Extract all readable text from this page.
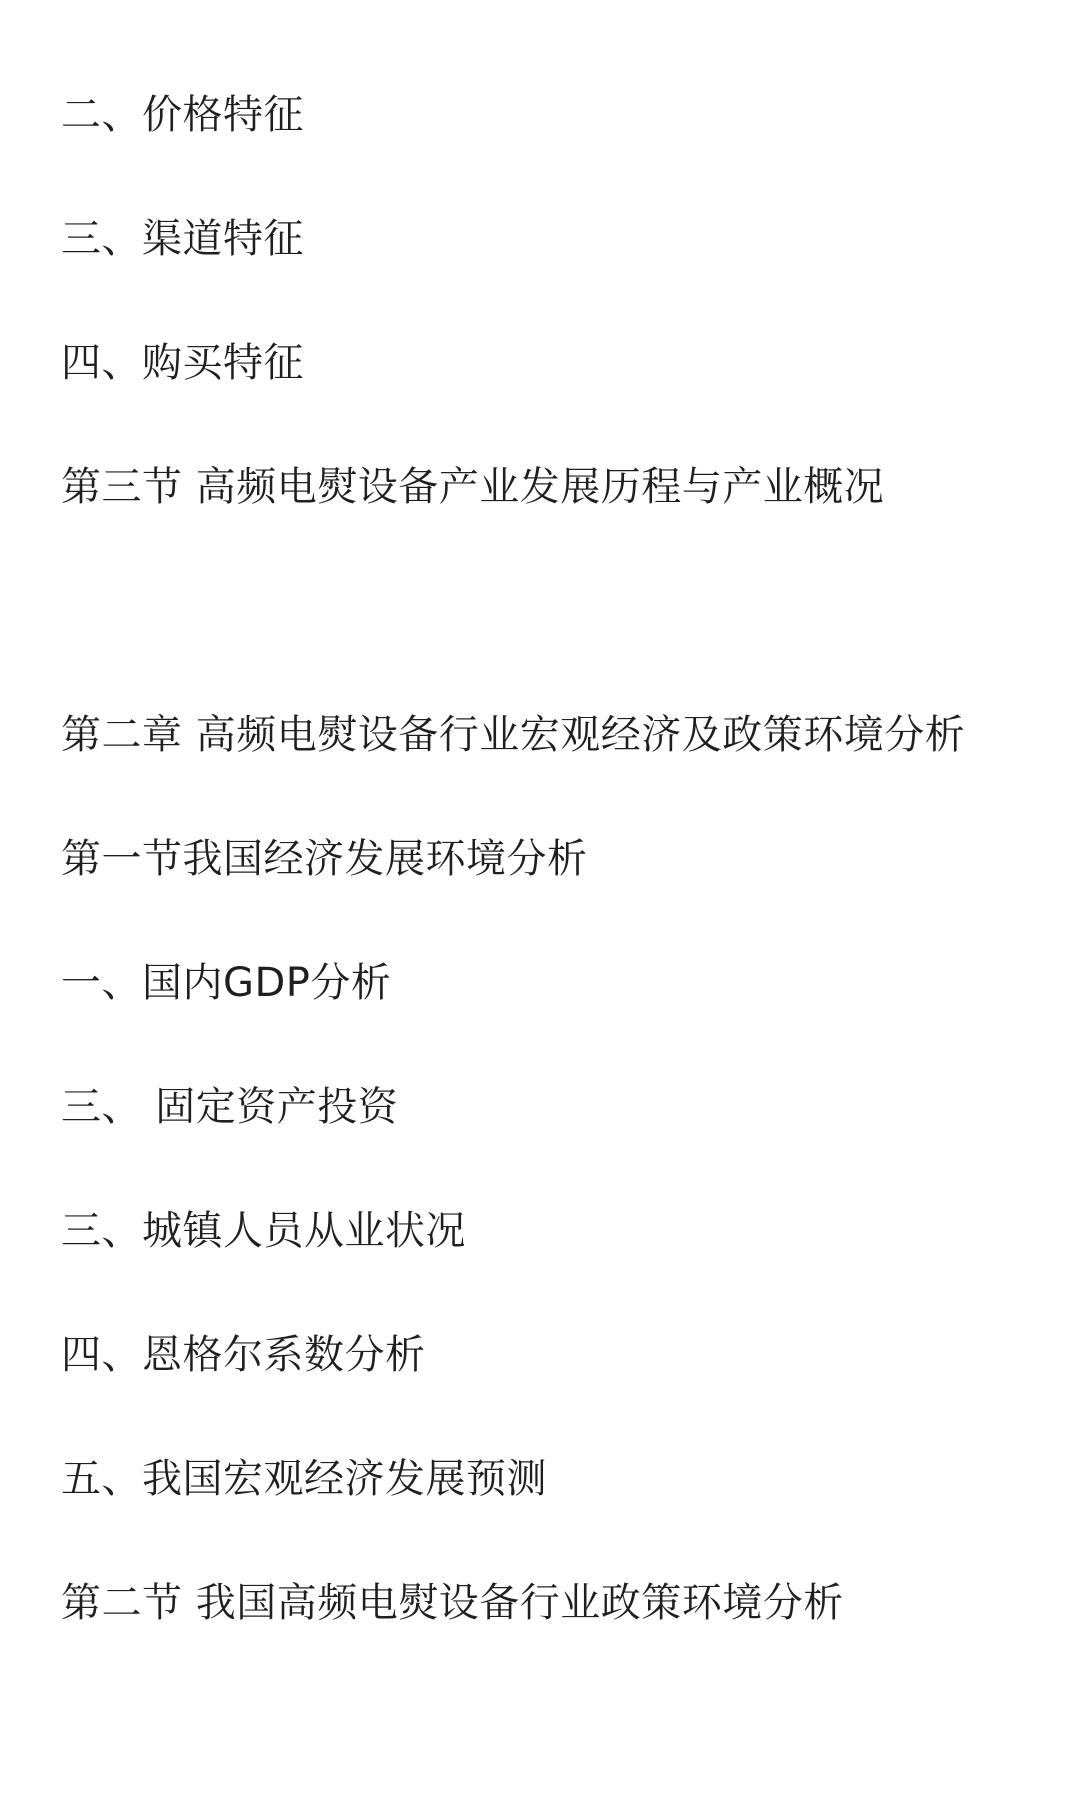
二、价格特征

三、渠道特征

四、购买特征

第三节 高频电熨设备产业发展历程与产业概况

第二章 高频电熨设备行业宏观经济及政策环境分析

第一节我国经济发展环境分析

一、国内GDP分析

三、 固定资产投资

三、城镇人员从业状况

四、恩格尔系数分析

五、我国宏观经济发展预测

第二节 我国高频电熨设备行业政策环境分析
